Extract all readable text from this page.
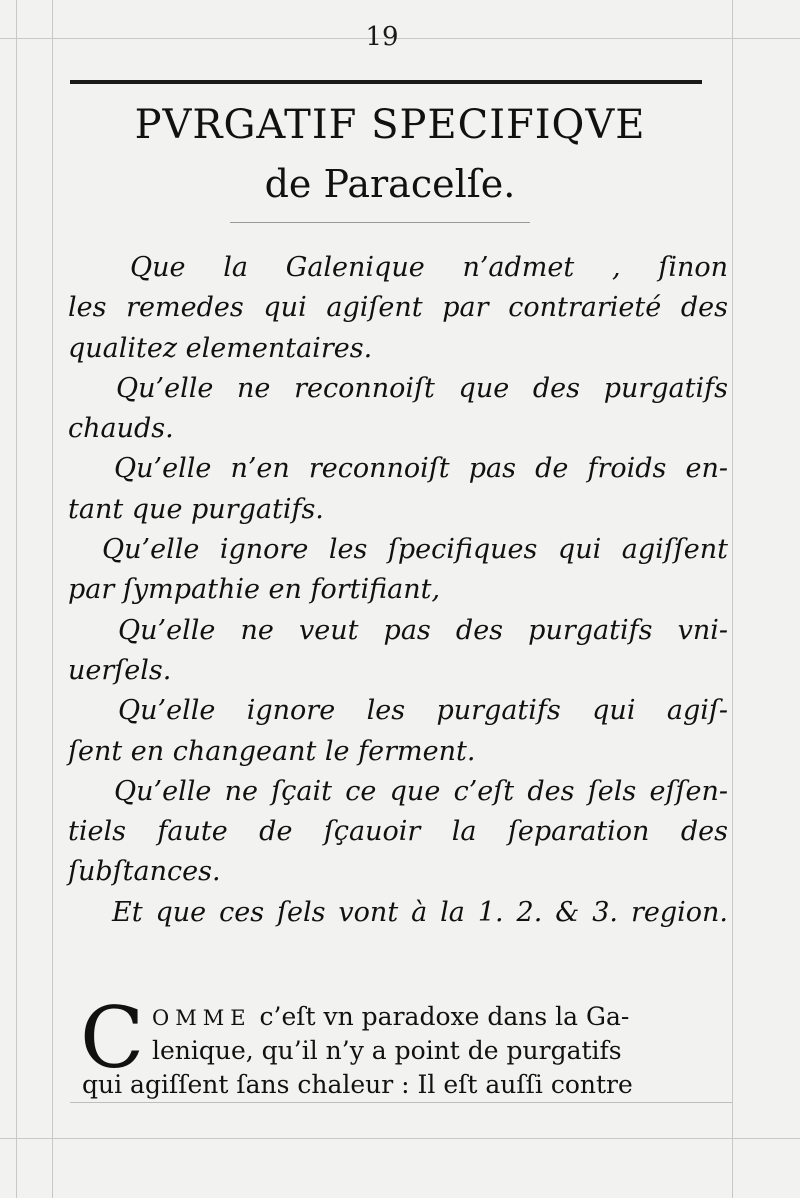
19
PVRGATIF SPECIFIQVE
de Paracelſe.
Que la Galenique n’admet , ſinon
les remedes qui agiſent par contrarieté des
qualitez elementaires.
Qu’elle ne reconnoiſt que des purgatifs
chauds.
Qu’elle n’en reconnoiſt pas de froids en-
tant que purgatifs.
Qu’elle ignore les ſpecifiques qui agiſſent
par ſympathie en fortifiant,
Qu’elle ne veut pas des purgatifs vni-
uerſels.
Qu’elle ignore les purgatifs qui agiſ-
ſent en changeant le ferment.
Qu’elle ne ſçait ce que c’eſt des ſels eſſen-
tiels faute de ſçauoir la ſeparation des
ſubſtances.
Et que ces ſels vont à la 1. 2. & 3. region.
C OMME c’eſt vn paradoxe dans la Ga-
lenique, qu’il n’y a point de purgatifs
qui agiſſent ſans chaleur : Il eſt auſſi contre
